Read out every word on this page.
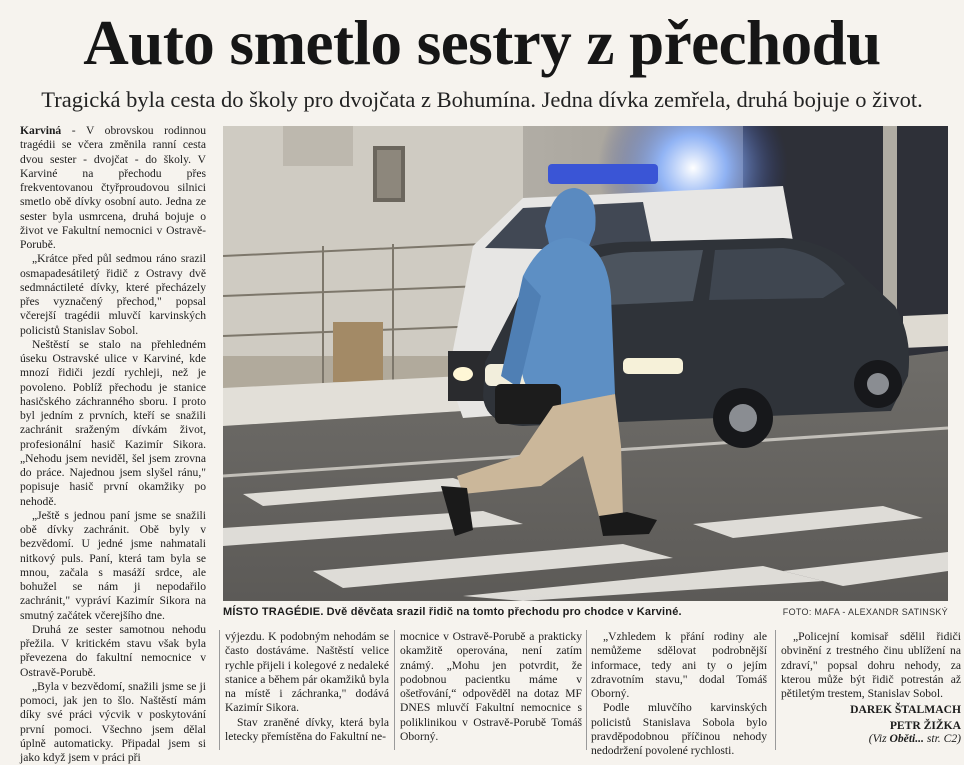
Auto smetlo sestry z přechodu
Tragická byla cesta do školy pro dvojčata z Bohumína. Jedna dívka zemřela, druhá bojuje o život.

Karviná - V obrovskou rodinnou tragédii se včera změnila ranní cesta dvou sester - dvojčat - do školy. V Karviné na přechodu přes frekventovanou čtyřproudovou silnici smetlo obě dívky osobní auto. Jedna ze sester byla usmrcena, druhá bojuje o život ve Fakultní nemocnici v Ostravě-Porubě.

„Krátce před půl sedmou ráno srazil osmapadesátiletý řidič z Ostravy dvě sedmnáctileté dívky, které přecházely přes vyznačený přechod," popsal včerejší tragédii mluvčí karvinských policistů Stanislav Sobol.

Neštěstí se stalo na přehledném úseku Ostravské ulice v Karviné, kde mnozí řidiči jezdí rychleji, než je povoleno. Poblíž přechodu je stanice hasičského záchranného sboru. I proto byl jedním z prvních, kteří se snažili zachránit sraženým dívkám život, profesionální hasič Kazimír Sikora. „Nehodu jsem neviděl, šel jsem zrovna do práce. Najednou jsem slyšel ránu," popisuje hasič první okamžiky po nehodě.

„Ještě s jednou paní jsme se snažili obě dívky zachránit. Obě byly v bezvědomí. U jedné jsme nahmatali nitkový puls. Paní, která tam byla se mnou, začala s masáží srdce, ale bohužel se nám ji nepodařilo zachránit," vypráví Kazimír Sikora na smutný začátek včerejšího dne.

Druhá ze sester samotnou nehodu přežila. V kritickém stavu však byla převezena do fakultní nemocnice v Ostravě-Porubě.

„Byla v bezvědomí, snažili jsme se ji pomoci, jak jen to šlo. Naštěstí mám díky své práci výcvik v poskytování první pomoci. Všechno jsem dělal úplně automaticky. Připadal jsem si jako když jsem v práci při

MÍSTO TRAGÉDIE. Dvě děvčata srazil řidič na tomto přechodu pro chodce v Karviné.	FOTO: MAFA - ALEXANDR SATINSKÝ

výjezdu. K podobným nehodám se často dostáváme. Naštěstí velice rychle přijeli i kolegové z nedaleké stanice a během pár okamžiků byla na místě i záchranka," dodává Kazimír Sikora.

Stav zraněné dívky, která byla letecky přemístěna do Fakultní ne-

mocnice v Ostravě-Porubě a prakticky okamžitě operována, není zatím známý. „Mohu jen potvrdit, že podobnou pacientku máme v ošetřování,“ odpověděl na dotaz MF DNES mluvčí Fakultní nemocnice s poliklinikou v Ostravě-Porubě Tomáš Oborný.

„Vzhledem k přání rodiny ale nemůžeme sdělovat podrobnější informace, tedy ani ty o jejím zdravotním stavu," dodal Tomáš Oborný.

Podle mluvčího karvinských policistů Stanislava Sobola bylo pravděpodobnou příčinou nehody nedodržení povolené rychlosti.

„Policejní komisař sdělil řidiči obvinění z trestného činu ublížení na zdraví," popsal dohru nehody, za kterou může být řidič potrestán až pětiletým trestem, Stanislav Sobol.

DAREK ŠTALMACH

PETR ŽIŽKA

(Viz Oběti... str. C2)
